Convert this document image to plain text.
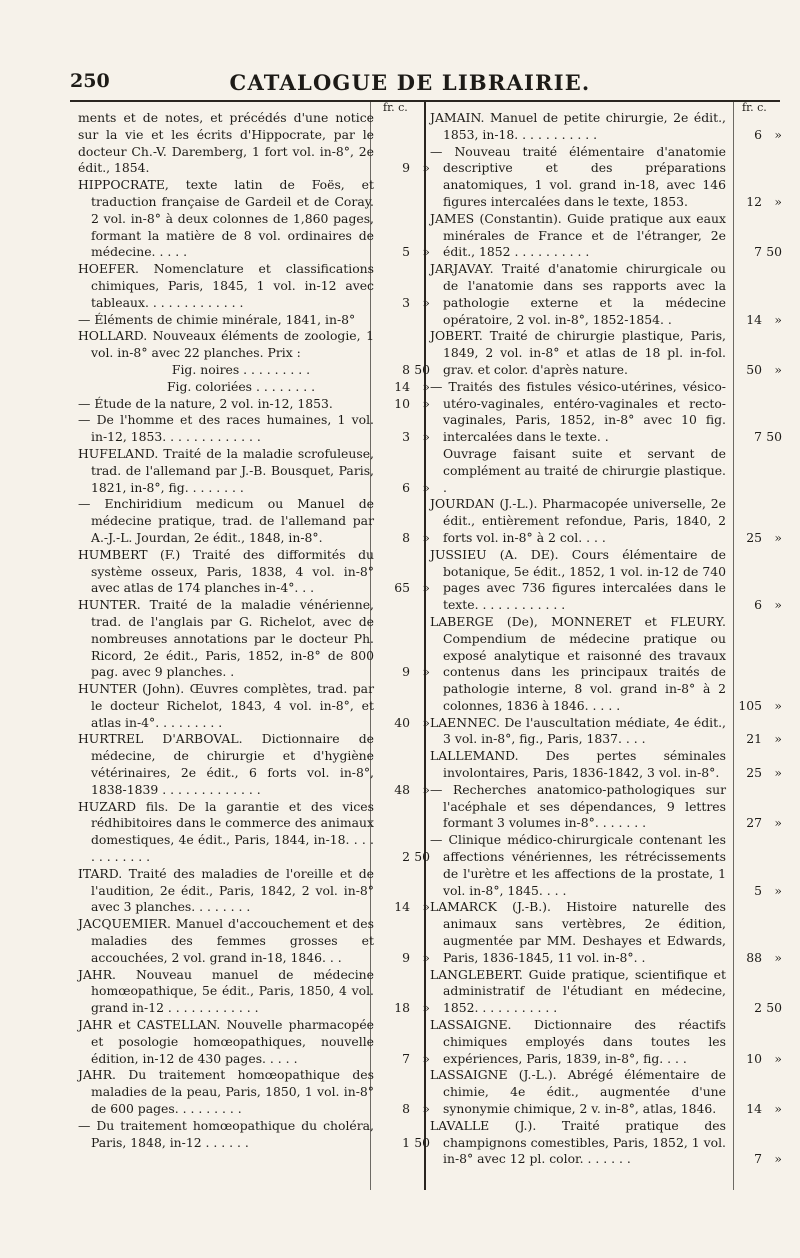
250	CATALOGUE DE LIBRAIRIE.
fr. c.	fr. c.

ments et de notes, et précédés d'une notice sur la vie et les écrits d'Hippocrate, par le docteur Ch.-V. Daremberg, 1 fort vol. in-8°, 2e édit., 1854.	9 »

HIPPOCRATE, texte latin de Foës, et traduction française de Gardeil et de Coray. 2 vol. in-8° à deux colonnes de 1,860 pages, formant la matière de 8 vol. ordinaires de médecine. . . . .	5 »

HOEFER. Nomenclature et classifications chimiques, Paris, 1845, 1 vol. in-12 avec tableaux. . . . . . . . . . . . .	3 »

— Éléments de chimie minérale, 1841, in-8°

HOLLARD. Nouveaux éléments de zoologie, 1 vol. in-8° avec 22 planches. Prix :

Fig. noires . . . . . . . . .	8 50

Fig. coloriées . . . . . . . .	14 »

— Étude de la nature, 2 vol. in-12, 1853.	10 »

— De l'homme et des races humaines, 1 vol. in-12, 1853. . . . . . . . . . . . .	3 »

HUFELAND. Traité de la maladie scrofuleuse, trad. de l'allemand par J.-B. Bousquet, Paris, 1821, in-8°, fig. . . . . . . .	6 »

— Enchiridium medicum ou Manuel de médecine pratique, trad. de l'allemand par A.-J.-L. Jourdan, 2e édit., 1848, in-8°.	8 »

HUMBERT (F.) Traité des difformités du système osseux, Paris, 1838, 4 vol. in-8° avec atlas de 174 planches in-4°. . .	65 »

HUNTER. Traité de la maladie vénérienne, trad. de l'anglais par G. Richelot, avec de nombreuses annotations par le docteur Ph. Ricord, 2e édit., Paris, 1852, in-8° de 800 pag. avec 9 planches. .	9 »

HUNTER (John). Œuvres complètes, trad. par le docteur Richelot, 1843, 4 vol. in-8°, et atlas in-4°. . . . . . . . .	40 »

HURTREL D'ARBOVAL. Dictionnaire de médecine, de chirurgie et d'hygiène vétérinaires, 2e édit., 6 forts vol. in-8°, 1838-1839 . . . . . . . . . . . . .	48 »

HUZARD fils. De la garantie et des vices rédhibitoires dans le commerce des animaux domestiques, 4e édit., Paris, 1844, in-18. . . . . . . . . . . .	2 50

ITARD. Traité des maladies de l'oreille et de l'audition, 2e édit., Paris, 1842, 2 vol. in-8° avec 3 planches. . . . . . . .	14 »

JACQUEMIER. Manuel d'accouchement et des maladies des femmes grosses et accouchées, 2 vol. grand in-18, 1846. . .	9 »

JAHR. Nouveau manuel de médecine homœopathique, 5e édit., Paris, 1850, 4 vol. grand in-12 . . . . . . . . . . . .	18 »

JAHR et CASTELLAN. Nouvelle pharmacopée et posologie homœopathiques, nouvelle édition, in-12 de 430 pages. . . . .	7 »

JAHR. Du traitement homœopathique des maladies de la peau, Paris, 1850, 1 vol. in-8° de 600 pages. . . . . . . . .	8 »

— Du traitement homœopathique du choléra, Paris, 1848, in-12 . . . . . .	1 50

JAMAIN. Manuel de petite chirurgie, 2e édit., 1853, in-18. . . . . . . . . . .	6 »

— Nouveau traité élémentaire d'anatomie descriptive et des préparations anatomiques, 1 vol. grand in-18, avec 146 figures intercalées dans le texte, 1853.	12 »

JAMES (Constantin). Guide pratique aux eaux minérales de France et de l'étranger, 2e édit., 1852 . . . . . . . . . .	7 50

JARJAVAY. Traité d'anatomie chirurgicale ou de l'anatomie dans ses rapports avec la pathologie externe et la médecine opératoire, 2 vol. in-8°, 1852-1854. .	14 »

JOBERT. Traité de chirurgie plastique, Paris, 1849, 2 vol. in-8° et atlas de 18 pl. in-fol. grav. et color. d'après nature.	50 »

— Traités des fistules vésico-utérines, vésico-utéro-vaginales, entéro-vaginales et recto-vaginales, Paris, 1852, in-8° avec 10 fig. intercalées dans le texte. .	7 50

Ouvrage faisant suite et servant de complément au traité de chirurgie plastique. .

JOURDAN (J.-L.). Pharmacopée universelle, 2e édit., entièrement refondue, Paris, 1840, 2 forts vol. in-8° à 2 col. . . .	25 »

JUSSIEU (A. DE). Cours élémentaire de botanique, 5e édit., 1852, 1 vol. in-12 de 740 pages avec 736 figures intercalées dans le texte. . . . . . . . . . . .	6 »

LABERGE (De), MONNERET et FLEURY. Compendium de médecine pratique ou exposé analytique et raisonné des travaux contenus dans les principaux traités de pathologie interne, 8 vol. grand in-8° à 2 colonnes, 1836 à 1846. . . . .	105 »

LAENNEC. De l'auscultation médiate, 4e édit., 3 vol. in-8°, fig., Paris, 1837. . . .	21 »

LALLEMAND. Des pertes séminales involontaires, Paris, 1836-1842, 3 vol. in-8°.	25 »

— Recherches anatomico-pathologiques sur l'acéphale et ses dépendances, 9 lettres formant 3 volumes in-8°. . . . . . .	27 »

— Clinique médico-chirurgicale contenant les affections vénériennes, les rétrécissements de l'urètre et les affections de la prostate, 1 vol. in-8°, 1845. . . .	5 »

LAMARCK (J.-B.). Histoire naturelle des animaux sans vertèbres, 2e édition, augmentée par MM. Deshayes et Edwards, Paris, 1836-1845, 11 vol. in-8°. .	88 »

LANGLEBERT. Guide pratique, scientifique et administratif de l'étudiant en médecine, 1852. . . . . . . . . . .	2 50

LASSAIGNE. Dictionnaire des réactifs chimiques employés dans toutes les expériences, Paris, 1839, in-8°, fig. . . .	10 »

LASSAIGNE (J.-L.). Abrégé élémentaire de chimie, 4e édit., augmentée d'une synonymie chimique, 2 v. in-8°, atlas, 1846.	14 »

LAVALLE (J.). Traité pratique des champignons comestibles, Paris, 1852, 1 vol. in-8° avec 12 pl. color. . . . . . .	7 »
